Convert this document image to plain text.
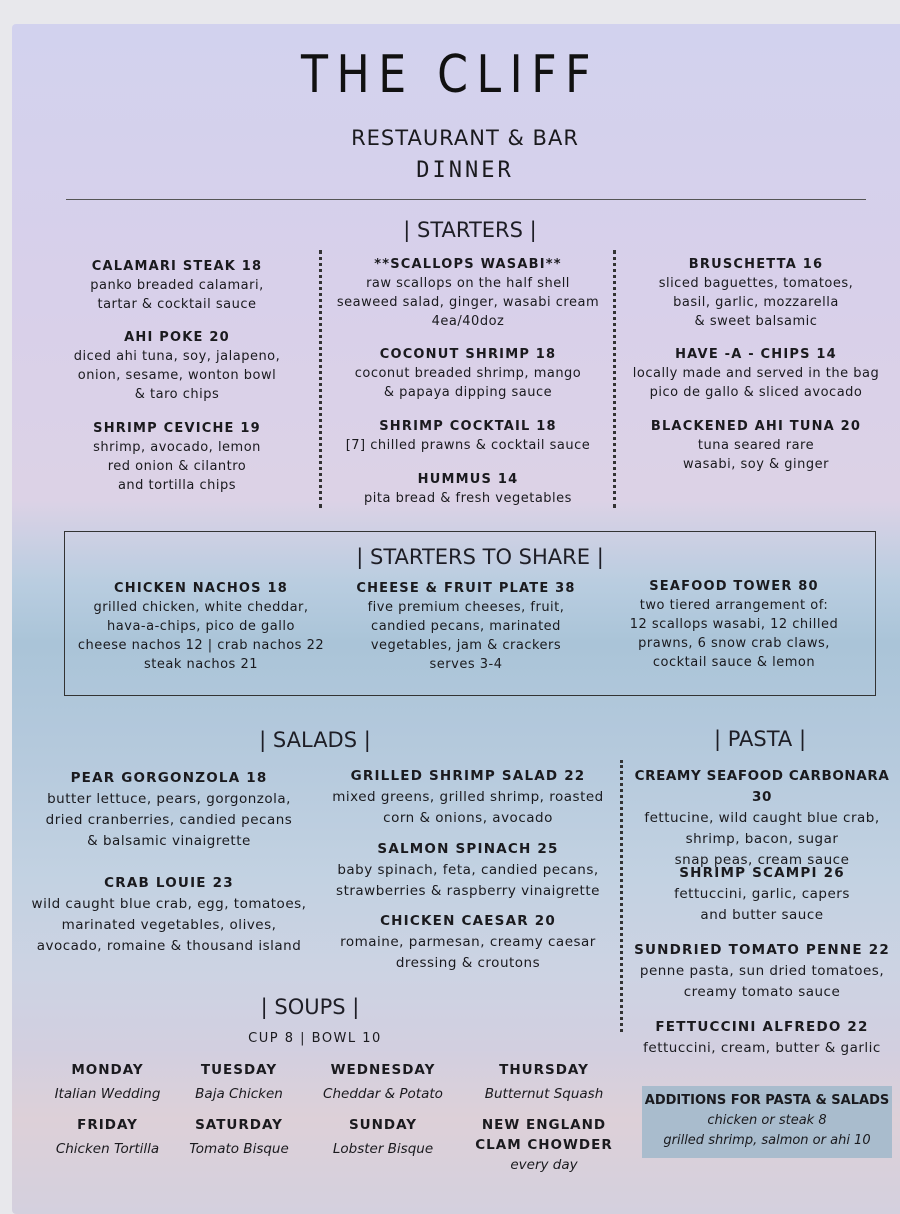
THE CLIFF
RESTAURANT & BAR
DINNER
| STARTERS |
CALAMARI STEAK 18
panko breaded calamari,
tartar & cocktail sauce
AHI POKE 20
diced ahi tuna, soy, jalapeno,
onion, sesame, wonton bowl
& taro chips
SHRIMP CEVICHE 19
shrimp, avocado, lemon
red onion & cilantro
and tortilla chips
**SCALLOPS WASABI**
raw scallops on the half shell
seaweed salad, ginger, wasabi cream
4ea/40doz
COCONUT SHRIMP 18
coconut breaded shrimp, mango
& papaya dipping sauce
SHRIMP COCKTAIL 18
[7] chilled prawns & cocktail sauce
HUMMUS 14
pita bread & fresh vegetables
BRUSCHETTA 16
sliced baguettes, tomatoes,
basil, garlic, mozzarella
& sweet balsamic
HAVE -A - CHIPS 14
locally made and served in the bag
pico de gallo & sliced avocado
BLACKENED AHI TUNA 20
tuna seared rare
wasabi, soy & ginger
| STARTERS TO SHARE |
CHICKEN NACHOS 18
grilled chicken, white cheddar,
hava-a-chips, pico de gallo
cheese nachos 12 | crab nachos 22
steak nachos 21
CHEESE & FRUIT PLATE 38
five premium cheeses, fruit,
candied pecans, marinated
vegetables, jam & crackers
serves 3-4
SEAFOOD TOWER 80
two tiered arrangement of:
12 scallops wasabi, 12 chilled
prawns, 6 snow crab claws,
cocktail sauce & lemon
| SALADS |	| PASTA |
PEAR GORGONZOLA 18
butter lettuce, pears, gorgonzola,
dried cranberries, candied pecans
& balsamic vinaigrette
CRAB LOUIE 23
wild caught blue crab, egg, tomatoes,
marinated vegetables, olives,
avocado, romaine & thousand island
GRILLED SHRIMP SALAD 22
mixed greens, grilled shrimp, roasted
corn & onions, avocado
SALMON SPINACH 25
baby spinach, feta, candied pecans,
strawberries & raspberry vinaigrette
CHICKEN CAESAR 20
romaine, parmesan, creamy caesar
dressing & croutons
CREAMY SEAFOOD CARBONARA 30
fettucine, wild caught blue crab,
shrimp, bacon, sugar
snap peas, cream sauce
SHRIMP SCAMPI 26
fettuccini, garlic, capers
and butter sauce
SUNDRIED TOMATO PENNE 22
penne pasta, sun dried tomatoes,
creamy tomato sauce
FETTUCCINI ALFREDO 22
fettuccini, cream, butter & garlic
| SOUPS |
CUP 8 | BOWL 10
MONDAY
Italian Wedding
TUESDAY
Baja Chicken
WEDNESDAY
Cheddar & Potato
THURSDAY
Butternut Squash
FRIDAY
Chicken Tortilla
SATURDAY
Tomato Bisque
SUNDAY
Lobster Bisque
NEW ENGLAND
CLAM CHOWDER
every day
ADDITIONS FOR PASTA & SALADS
chicken or steak 8
grilled shrimp, salmon or ahi 10
